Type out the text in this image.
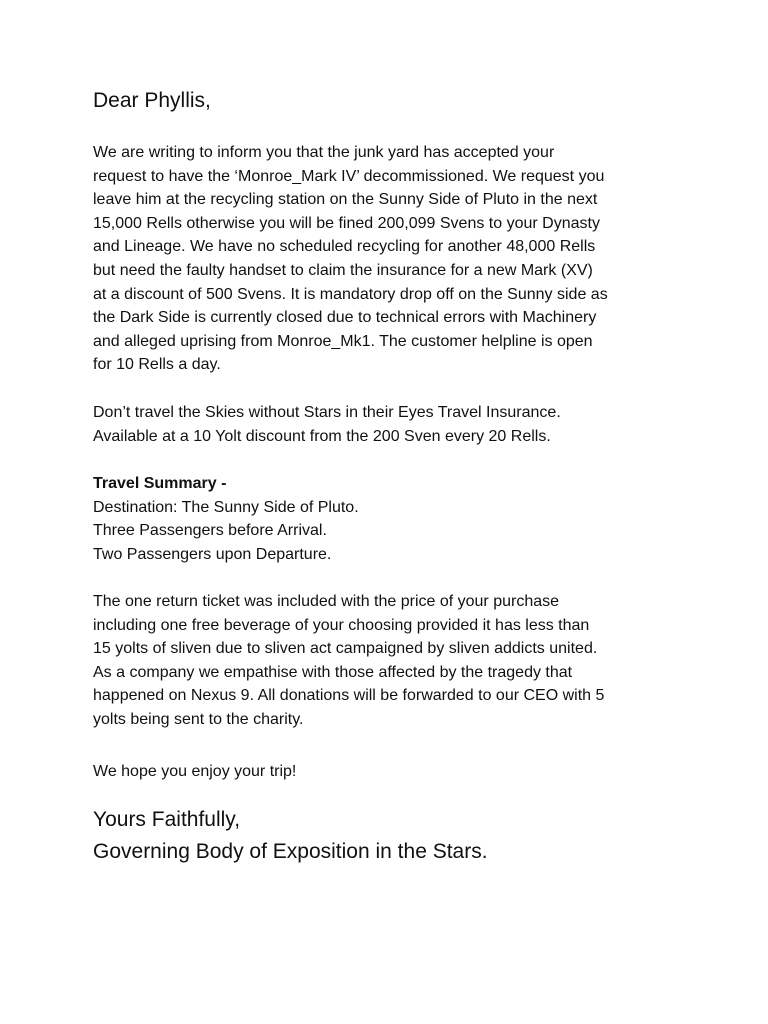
Dear Phyllis,

We are writing to inform you that the junk yard has accepted your
request to have the ‘Monroe_Mark IV’ decommissioned. We request you
leave him at the recycling station on the Sunny Side of Pluto in the next
15,000 Rells otherwise you will be fined 200,099 Svens to your Dynasty
and Lineage. We have no scheduled recycling for another 48,000 Rells
but need the faulty handset to claim the insurance for a new Mark (XV)
at a discount of 500 Svens. It is mandatory drop off on the Sunny side as
the Dark Side is currently closed due to technical errors with Machinery
and alleged uprising from Monroe_Mk1. The customer helpline is open
for 10 Rells a day.

Don’t travel the Skies without Stars in their Eyes Travel Insurance.
Available at a 10 Yolt discount from the 200 Sven every 20 Rells.

Travel Summary -
Destination: The Sunny Side of Pluto.
Three Passengers before Arrival.
Two Passengers upon Departure.

The one return ticket was included with the price of your purchase
including one free beverage of your choosing provided it has less than
15 yolts of sliven due to sliven act campaigned by sliven addicts united.
As a company we empathise with those affected by the tragedy that
happened on Nexus 9. All donations will be forwarded to our CEO with 5
yolts being sent to the charity.

We hope you enjoy your trip!

Yours Faithfully,
Governing Body of Exposition in the Stars.
